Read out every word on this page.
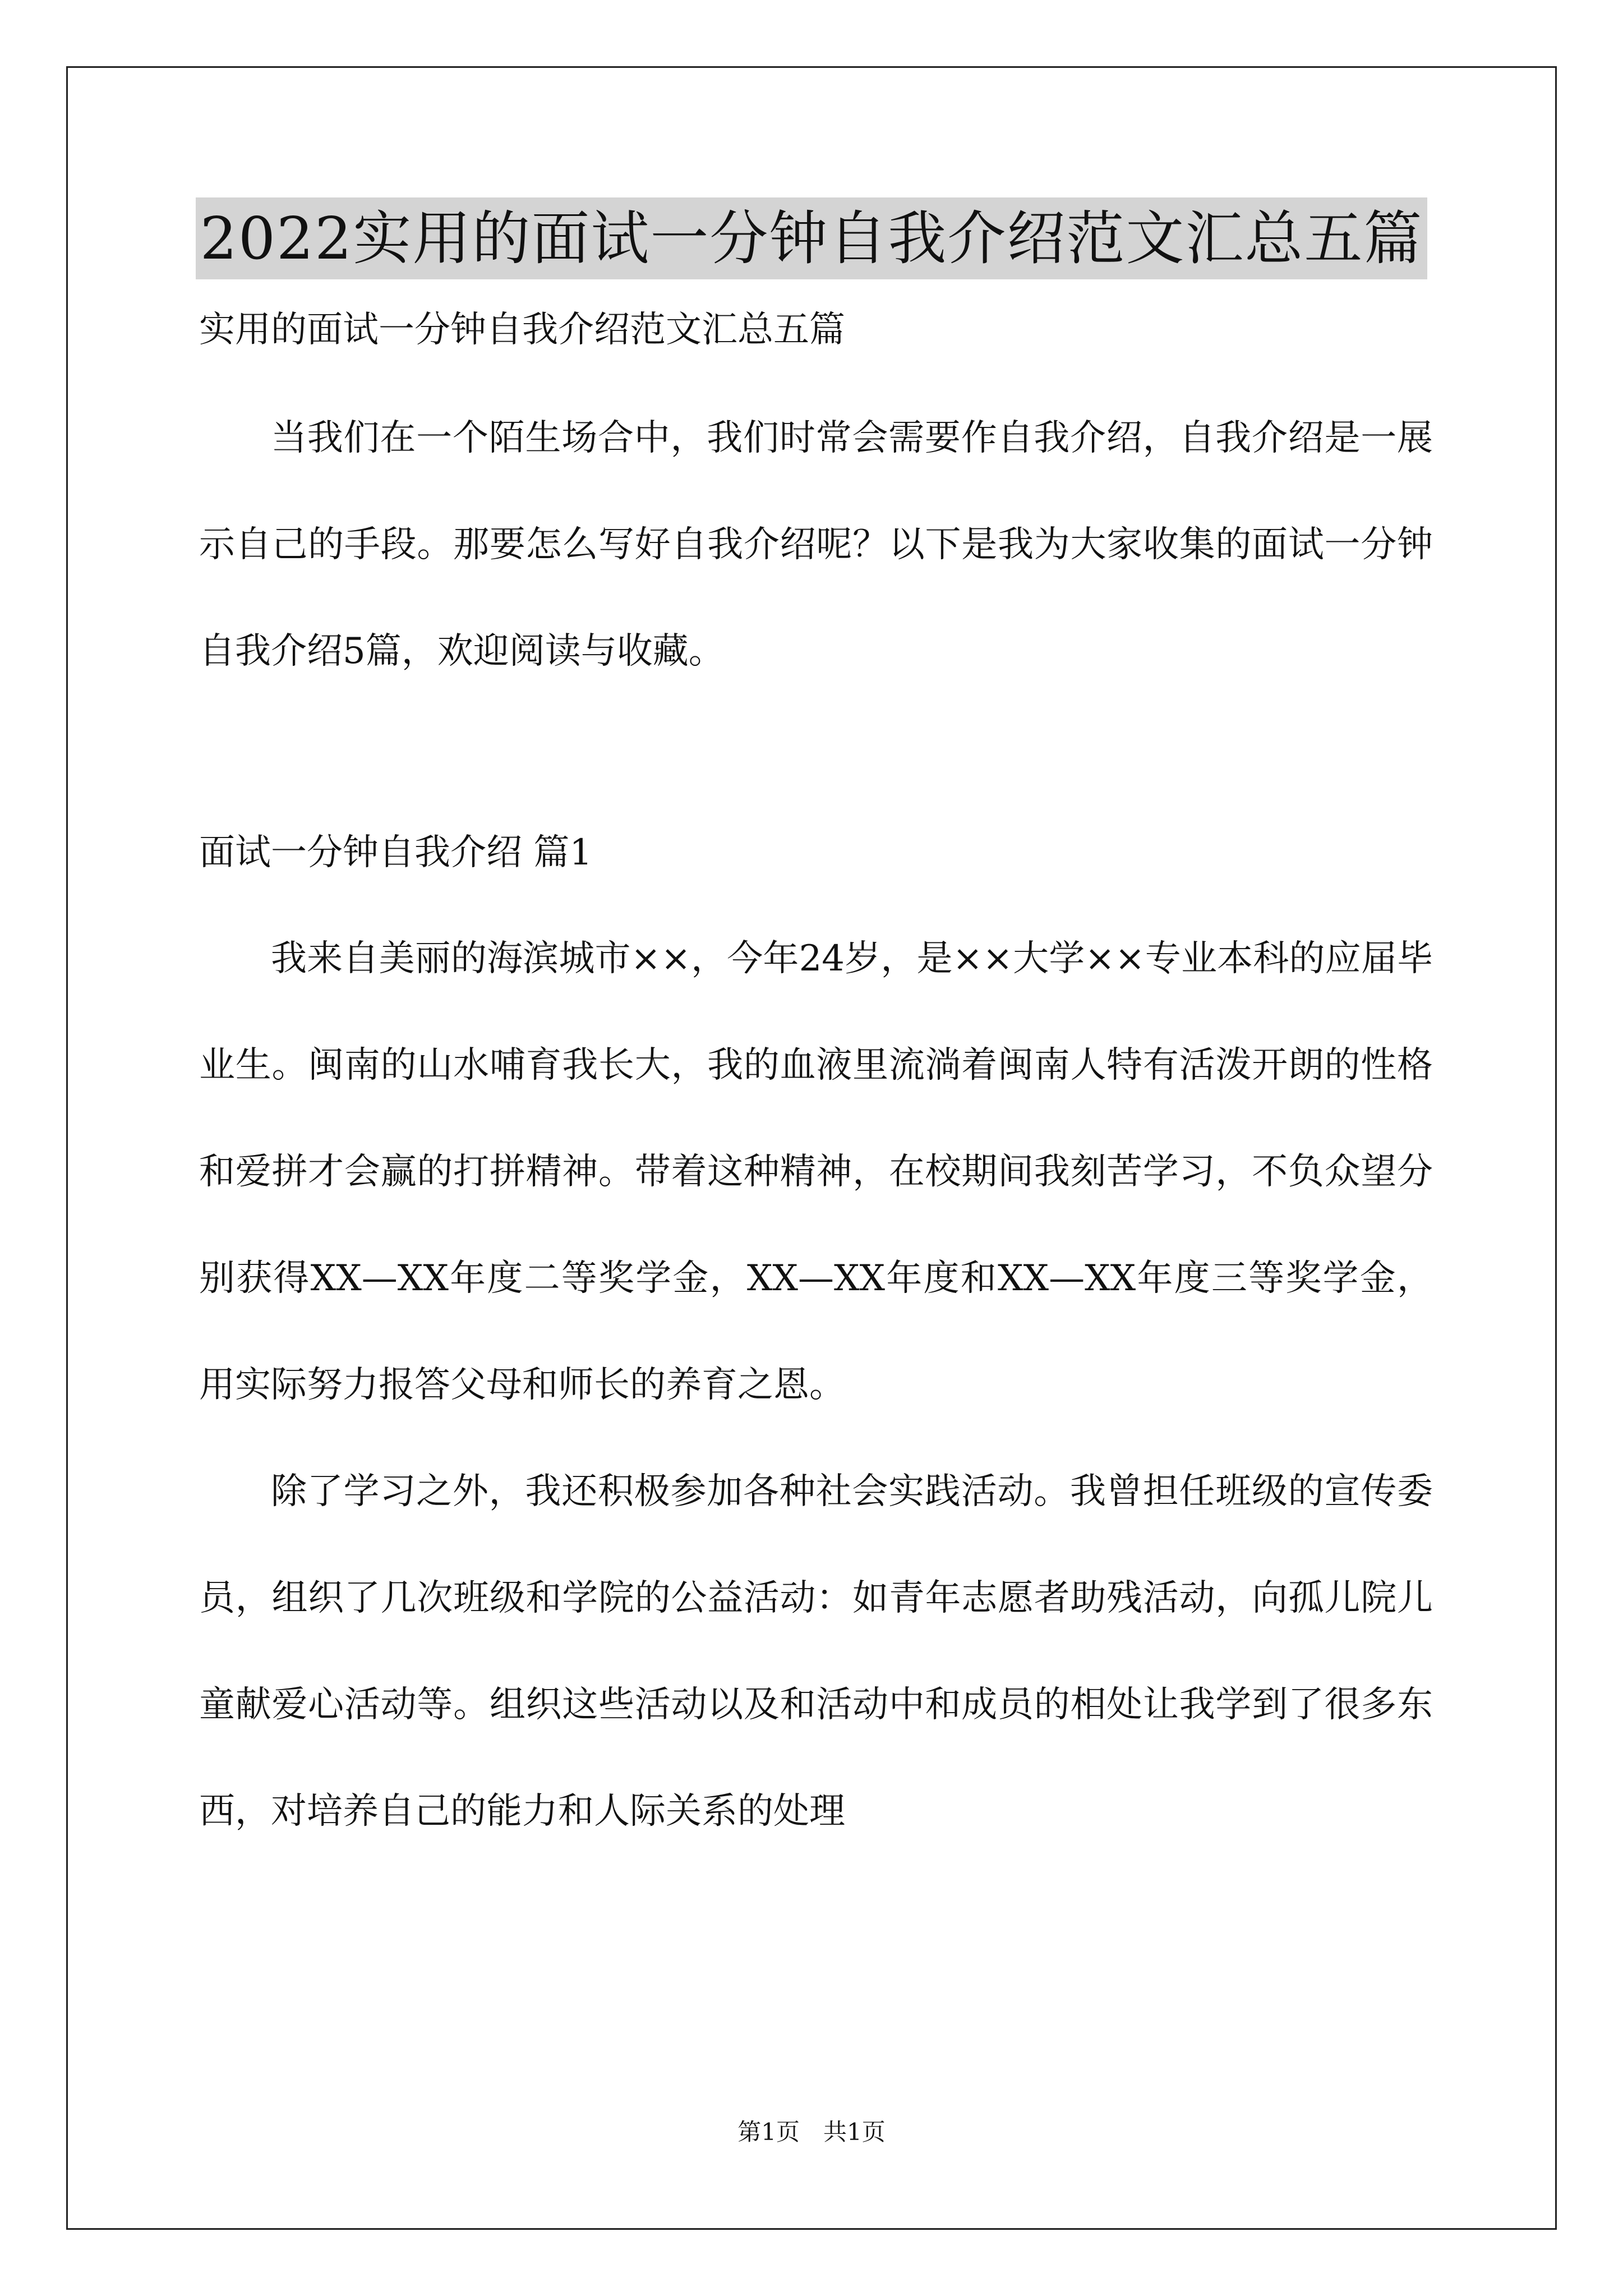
2022实用的面试一分钟自我介绍范文汇总五篇
实用的面试一分钟自我介绍范文汇总五篇

当我们在一个陌生场合中，我们时常会需要作自我介绍，自我介绍是一展示自己的手段。那要怎么写好自我介绍呢？以下是我为大家收集的面试一分钟自我介绍5篇，欢迎阅读与收藏。

面试一分钟自我介绍 篇1

我来自美丽的海滨城市××，今年24岁，是××大学××专业本科的应届毕业生。闽南的山水哺育我长大，我的血液里流淌着闽南人特有活泼开朗的性格和爱拼才会赢的打拼精神。带着这种精神，在校期间我刻苦学习，不负众望分别获得XX—XX年度二等奖学金，XX—XX年度和XX—XX年度三等奖学金，用实际努力报答父母和师长的养育之恩。

除了学习之外，我还积极参加各种社会实践活动。我曾担任班级的宣传委员，组织了几次班级和学院的公益活动：如青年志愿者助残活动，向孤儿院儿童献爱心活动等。组织这些活动以及和活动中和成员的相处让我学到了很多东西，对培养自己的能力和人际关系的处理

第1页　共1页
